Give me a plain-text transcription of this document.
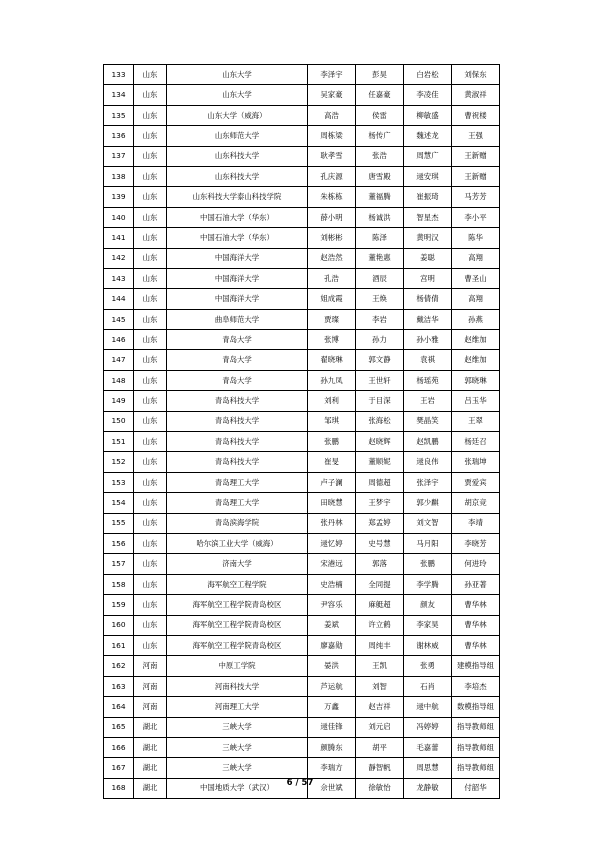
133	山东	山东大学	李泽宇	彭昊	白岩松	刘保东
134	山东	山东大学	吴家豪	任嘉豪	李凌佳	黄淑祥
135	山东	山东大学（威海）	高浩	侯雷	柳敏盛	曹祝楼
136	山东	山东师范大学	周栋梁	杨传广	魏述龙	王强
137	山东	山东科技大学	耿孝雪	张浩	周慧广	王新赠
138	山东	山东科技大学	孔庆源	唐雪殿	逯安琪	王新赠
139	山东	山东科技大学泰山科技学院	朱栋栋	董福腾	崔振琦	马芳芳
140	山东	中国石油大学（华东）	薛小明	杨诚洪	智星杰	李小平
141	山东	中国石油大学（华东）	刘彬彬	陈泽	黄明汉	陈华
142	山东	中国海洋大学	赵浩然	董艳惠	姜聪	高翔
143	山东	中国海洋大学	孔浩	酒辰	宫明	曹圣山
144	山东	中国海洋大学	姐成霞	王焕	杨倩倩	高翔
145	山东	曲阜师范大学	贾璨	李岩	戴洁华	孙燕
146	山东	青岛大学	张博	孙力	孙小雅	赵维加
147	山东	青岛大学	翟晓琳	郭文静	袁祺	赵维加
148	山东	青岛大学	孙九凤	王世轩	杨瑶苑	郭晓琳
149	山东	青岛科技大学	刘利	于目深	王岩	吕玉华
150	山东	青岛科技大学	邹琪	张海松	樊晶笑	王翠
151	山东	青岛科技大学	张鹏	赵晓辉	赵凯鹏	杨廷召
152	山东	青岛科技大学	崔旻	董顺妮	逯良伟	张瑞坤
153	山东	青岛理工大学	卢子澜	周德超	张泽宇	贾爱宾
154	山东	青岛理工大学	田晓慧	王梦宇	郭少麒	胡京竞
155	山东	青岛滨海学院	张丹林	郑孟婷	刘文智	李靖
156	山东	哈尔滨工业大学（威海）	逯忆婷	史号慧	马月阳	李晓芳
157	山东	济南大学	宋港远	郭落	张鹏	何进玲
158	山东	海军航空工程学院	史浩楠	全同提	李学腾	孙亚著
159	山东	海军航空工程学院青岛校区	尹容乐	麻艇超	颜友	曹华林
160	山东	海军航空工程学院青岛校区	姜斌	许立鹤	李家昊	曹华林
161	山东	海军航空工程学院青岛校区	廖嘉勋	周纯丰	谢林威	曹华林
162	河南	中原工学院	晏洪	王凯	张勇	建模指导组
163	河南	河南科技大学	芦运航	刘智	石肖	李培杰
164	河南	河南理工大学	万鑫	赵吉祥	逯中航	数模指导组
165	湖北	三峡大学	逯佳锋	刘元启	冯婷婷	指导教师组
166	湖北	三峡大学	颜腾东	胡平	毛嘉蕾	指导教师组
167	湖北	三峡大学	李瑞方	靜智帆	周思慧	指导教师组
168	湖北	中国地质大学（武汉）	佘世斌	徐敏怡	龙静敏	付韶华
6 / 57
